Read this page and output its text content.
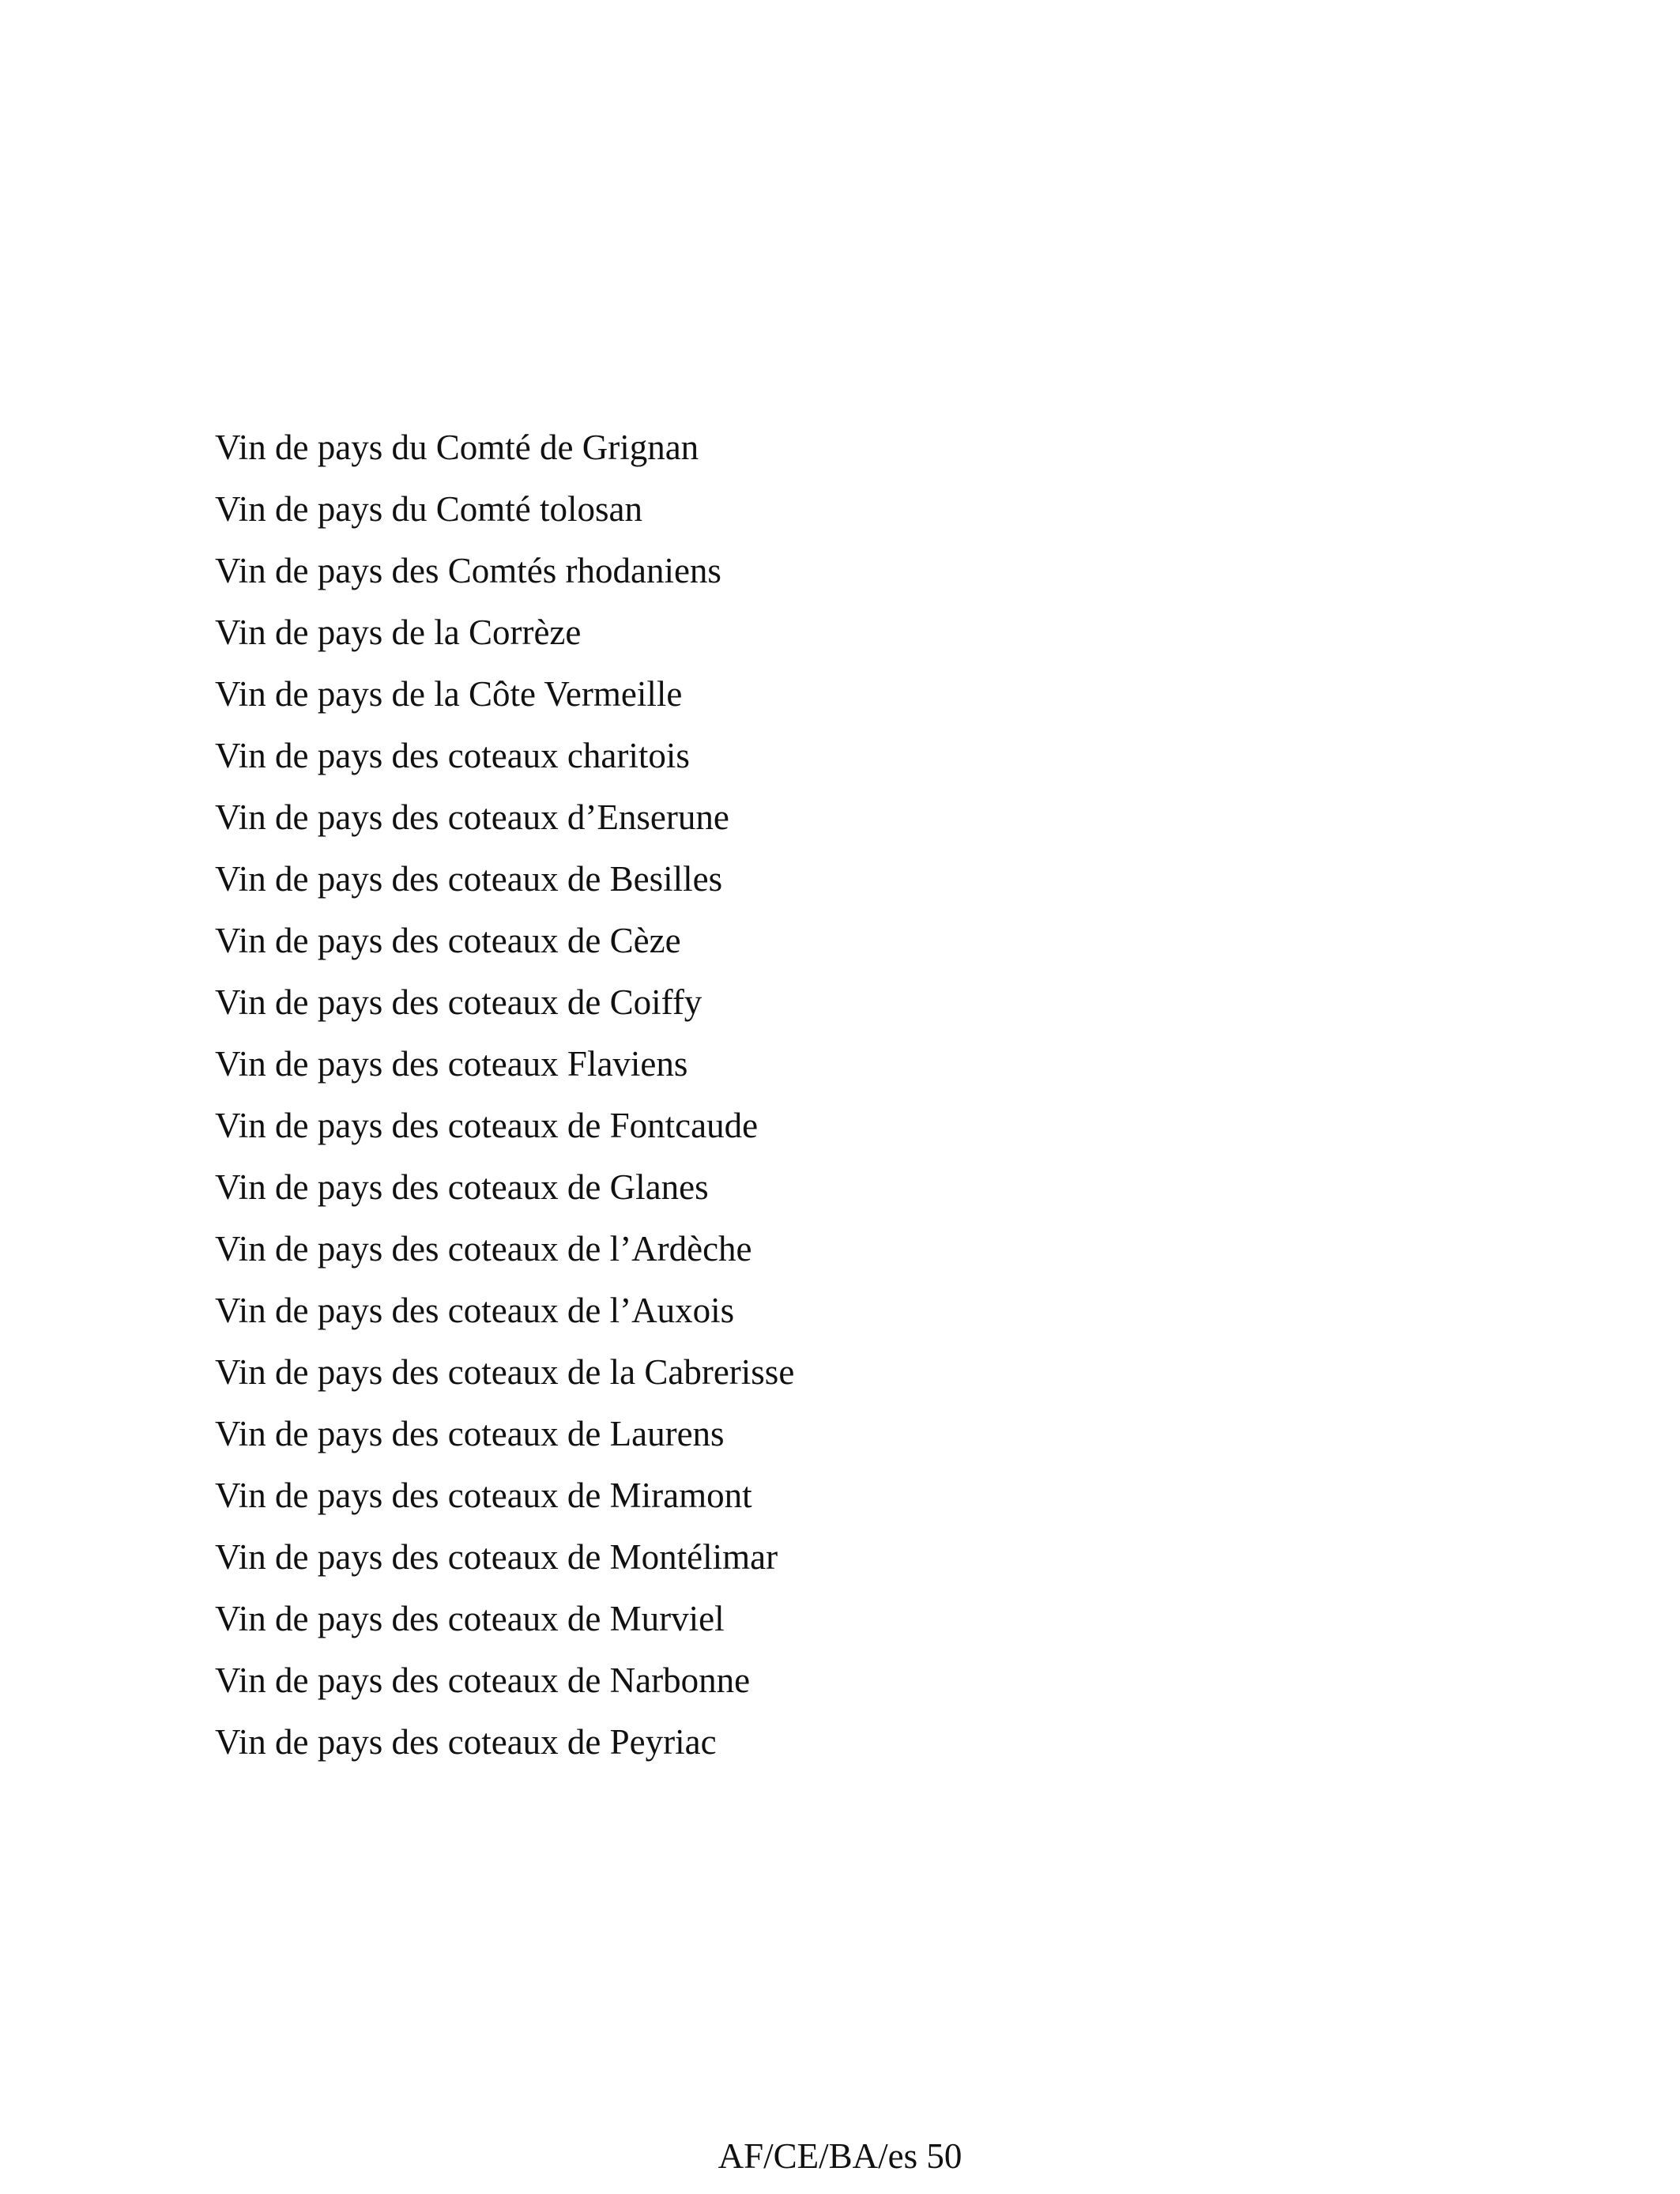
Vin de pays du Comté de Grignan
Vin de pays du Comté tolosan
Vin de pays des Comtés rhodaniens
Vin de pays de la Corrèze
Vin de pays de la Côte Vermeille
Vin de pays des coteaux charitois
Vin de pays des coteaux d’Enserune
Vin de pays des coteaux de Besilles
Vin de pays des coteaux de Cèze
Vin de pays des coteaux de Coiffy
Vin de pays des coteaux Flaviens
Vin de pays des coteaux de Fontcaude
Vin de pays des coteaux de Glanes
Vin de pays des coteaux de l’Ardèche
Vin de pays des coteaux de l’Auxois
Vin de pays des coteaux de la Cabrerisse
Vin de pays des coteaux de Laurens
Vin de pays des coteaux de Miramont
Vin de pays des coteaux de Montélimar
Vin de pays des coteaux de Murviel
Vin de pays des coteaux de Narbonne
Vin de pays des coteaux de Peyriac
AF/CE/BA/es 50
